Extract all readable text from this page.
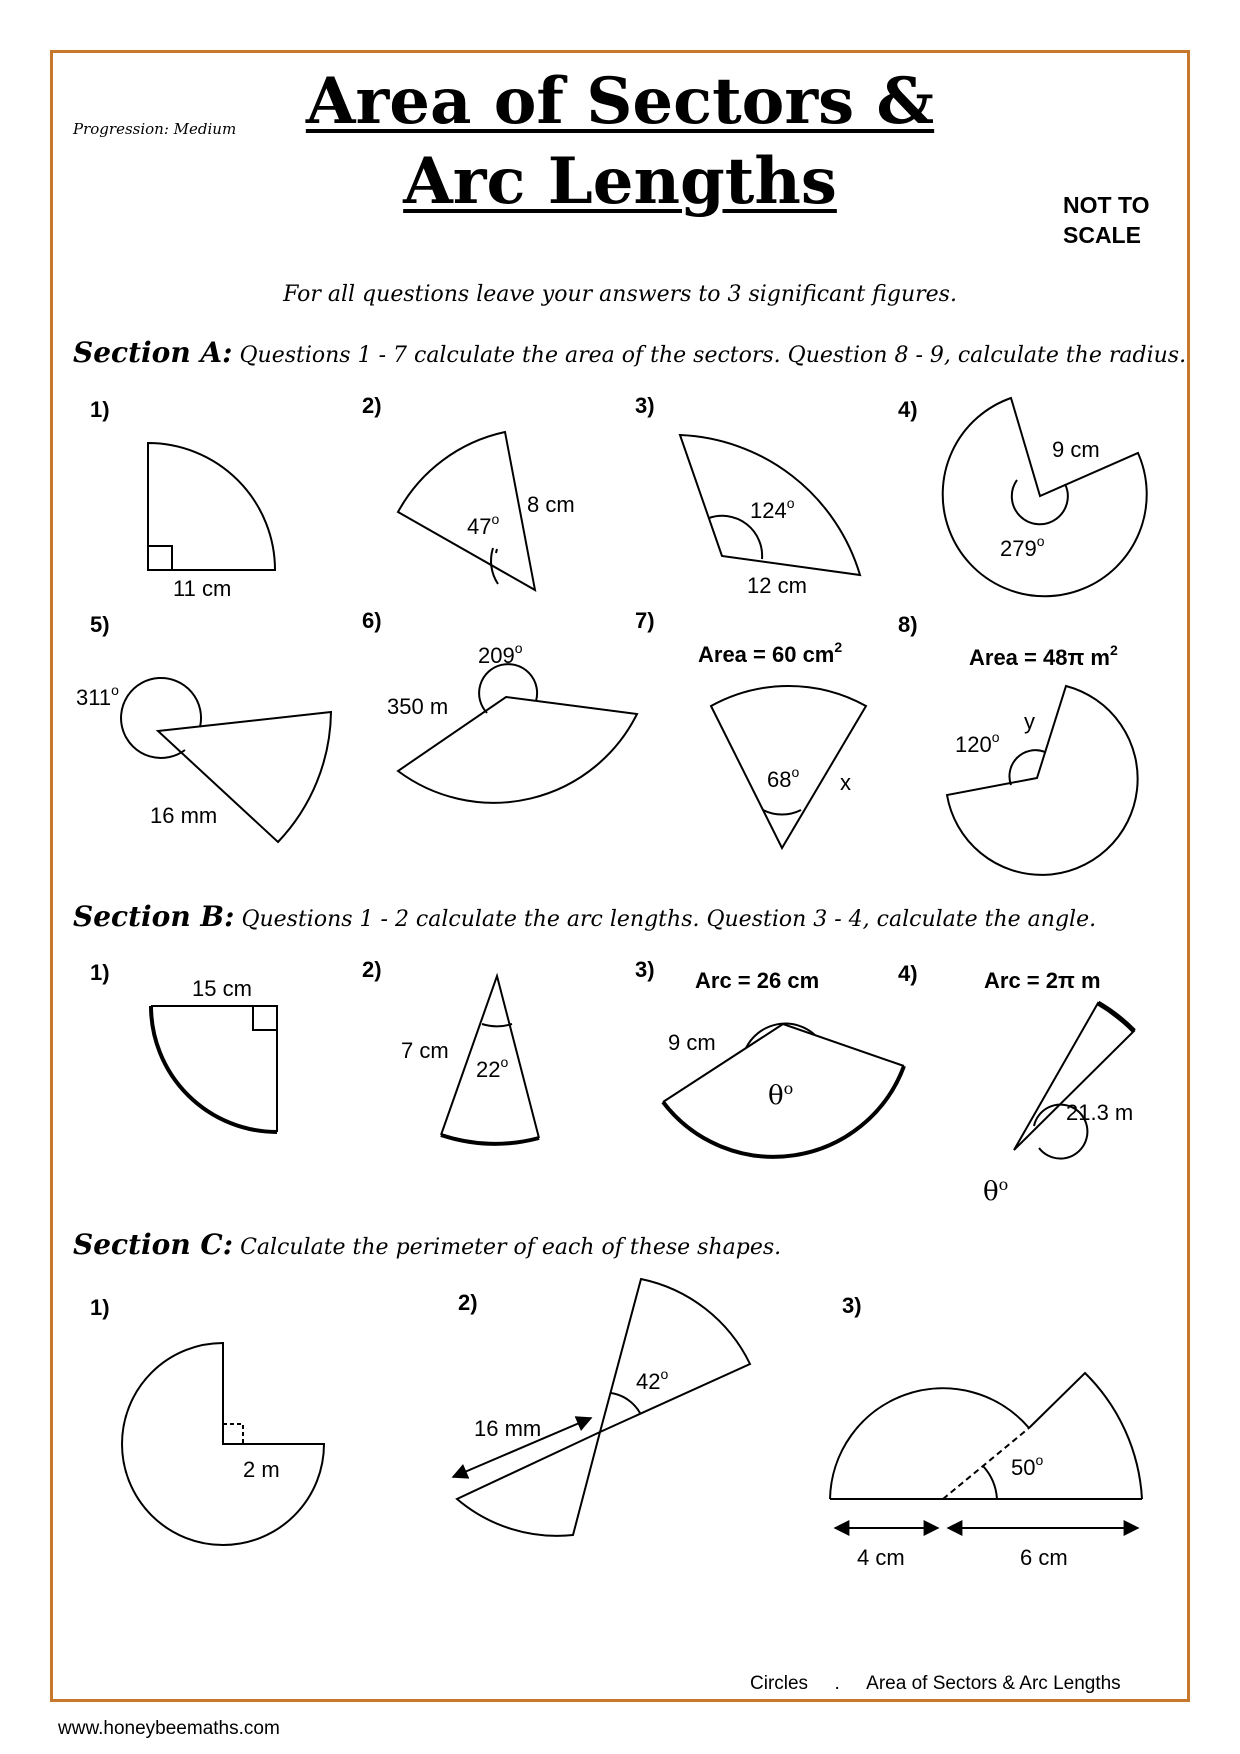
Area of Sectors &
Arc Lengths
Progression: Medium
NOT TO
SCALE
For all questions leave your answers to 3 significant figures.
Section A: Questions 1 - 7 calculate the area of the sectors. Question 8 - 9, calculate the radius.
Section B: Questions 1 - 2 calculate the arc lengths. Question 3 - 4, calculate the angle.
Section C: Calculate the perimeter of each of these shapes.
Circles . Area of Sectors & Arc Lengths
www.honeybeemaths.com
1)
11 cm
2)
8 cm
47$^o$
3)
124$^o$
12 cm
4)
9 cm
279$^o$
5)
311$^o$
16 mm
6)
209$^o$
350 m
7)
Area = 60 $cm^2$
68$^o$ x
8)
Area = 48π $m^2$
120$^o$
y
1)
15 cm
2)
7 cm
22$^o$
3) Arc = 26 cm
9 cm
$\theta^o$
4)	Arc = 2π m
21.3 m
$\theta^o$
1)
2 m
2)
16 mm
42$^o$
3)
50$^o$
4 cm	6 cm
